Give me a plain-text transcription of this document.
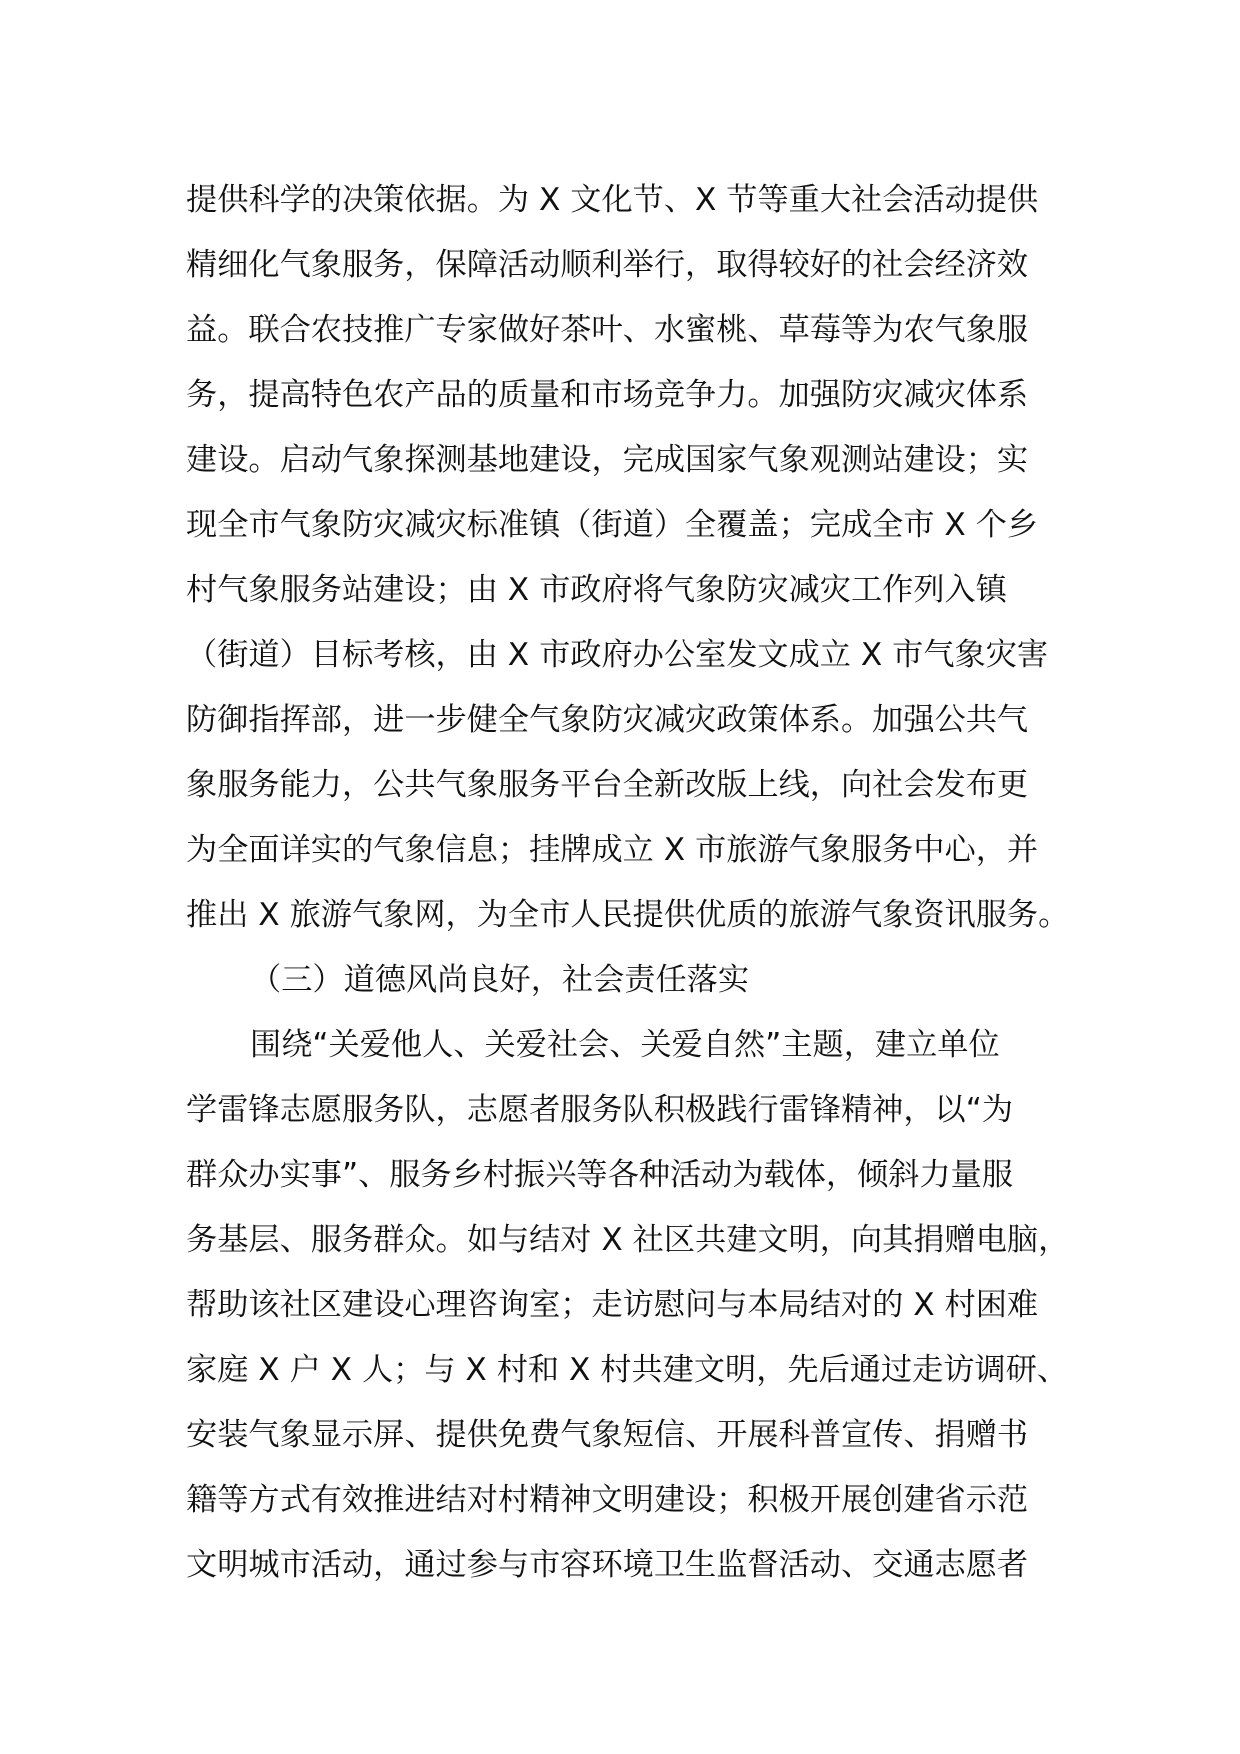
提供科学的决策依据。为 X 文化节、X 节等重大社会活动提供
精细化气象服务，保障活动顺利举行，取得较好的社会经济效
益。联合农技推广专家做好茶叶、水蜜桃、草莓等为农气象服
务，提高特色农产品的质量和市场竞争力。加强防灾减灾体系
建设。启动气象探测基地建设，完成国家气象观测站建设；实
现全市气象防灾减灾标准镇（街道）全覆盖；完成全市 X 个乡
村气象服务站建设；由 X 市政府将气象防灾减灾工作列入镇
（街道）目标考核，由 X 市政府办公室发文成立 X 市气象灾害
防御指挥部，进一步健全气象防灾减灾政策体系。加强公共气
象服务能力，公共气象服务平台全新改版上线，向社会发布更
为全面详实的气象信息；挂牌成立 X 市旅游气象服务中心，并
推出 X 旅游气象网，为全市人民提供优质的旅游气象资讯服务。
（三）道德风尚良好，社会责任落实
围绕“关爱他人、关爱社会、关爱自然”主题，建立单位
学雷锋志愿服务队，志愿者服务队积极践行雷锋精神，以“为
群众办实事”、服务乡村振兴等各种活动为载体，倾斜力量服
务基层、服务群众。如与结对 X 社区共建文明，向其捐赠电脑，
帮助该社区建设心理咨询室；走访慰问与本局结对的 X 村困难
家庭 X 户 X 人；与 X 村和 X 村共建文明，先后通过走访调研、
安装气象显示屏、提供免费气象短信、开展科普宣传、捐赠书
籍等方式有效推进结对村精神文明建设；积极开展创建省示范
文明城市活动，通过参与市容环境卫生监督活动、交通志愿者
